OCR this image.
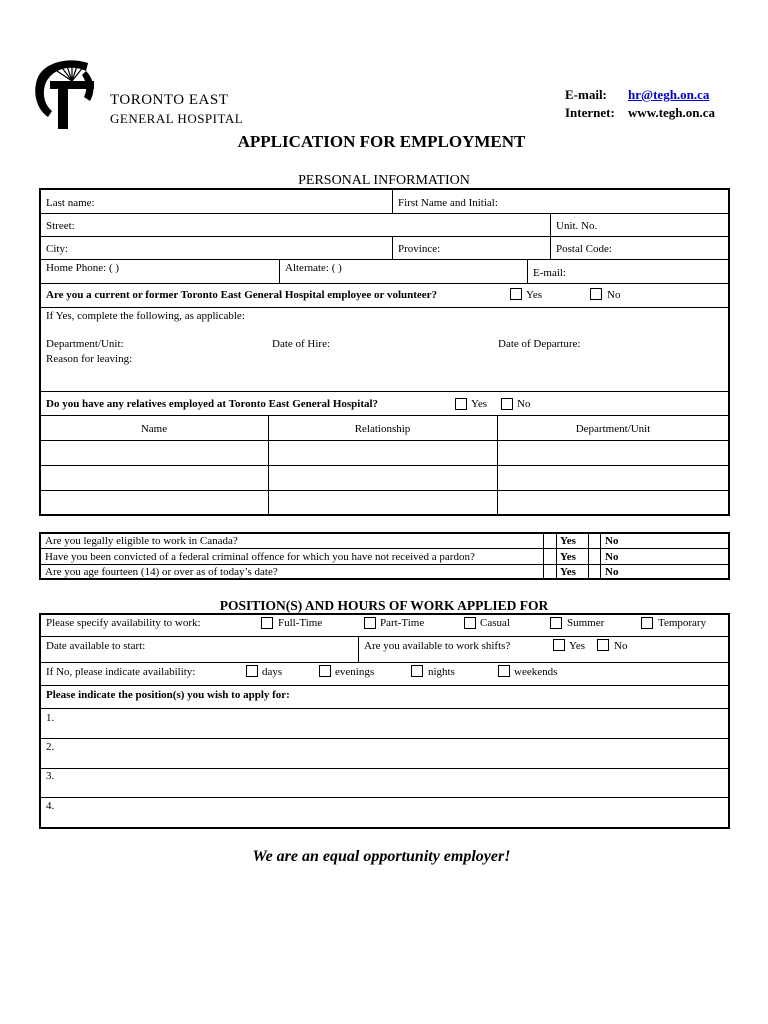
TORONTO EAST
GENERAL HOSPITAL
E-mail: hr@tegh.on.ca
Internet: www.tegh.on.ca
APPLICATION FOR EMPLOYMENT
PERSONAL INFORMATION
Last name:	First Name and Initial:
Street:	Unit. No.
City:	Province:	Postal Code:
Home Phone: ( )	Alternate: ( )	E-mail:
Are you a current or former Toronto East General Hospital employee or volunteer?	Yes	No
If Yes, complete the following, as applicable:
Department/Unit:	Date of Hire:	Date of Departure:
Reason for leaving:
Do you have any relatives employed at Toronto East General Hospital?	Yes	No
Name	Relationship	Department/Unit
Are you legally eligible to work in Canada?	Yes	No
Have you been convicted of a federal criminal offence for which you have not received a pardon?	Yes	No
Are you age fourteen (14) or over as of today’s date?	Yes	No
POSITION(S) AND HOURS OF WORK APPLIED FOR
Please specify availability to work:	Full-Time	Part-Time	Casual	Summer	Temporary
Date available to start:	Are you available to work shifts?	Yes	No
If No, please indicate availability:	days	evenings	nights	weekends
Please indicate the position(s) you wish to apply for:
1.
2.
3.
4.
We are an equal opportunity employer!
